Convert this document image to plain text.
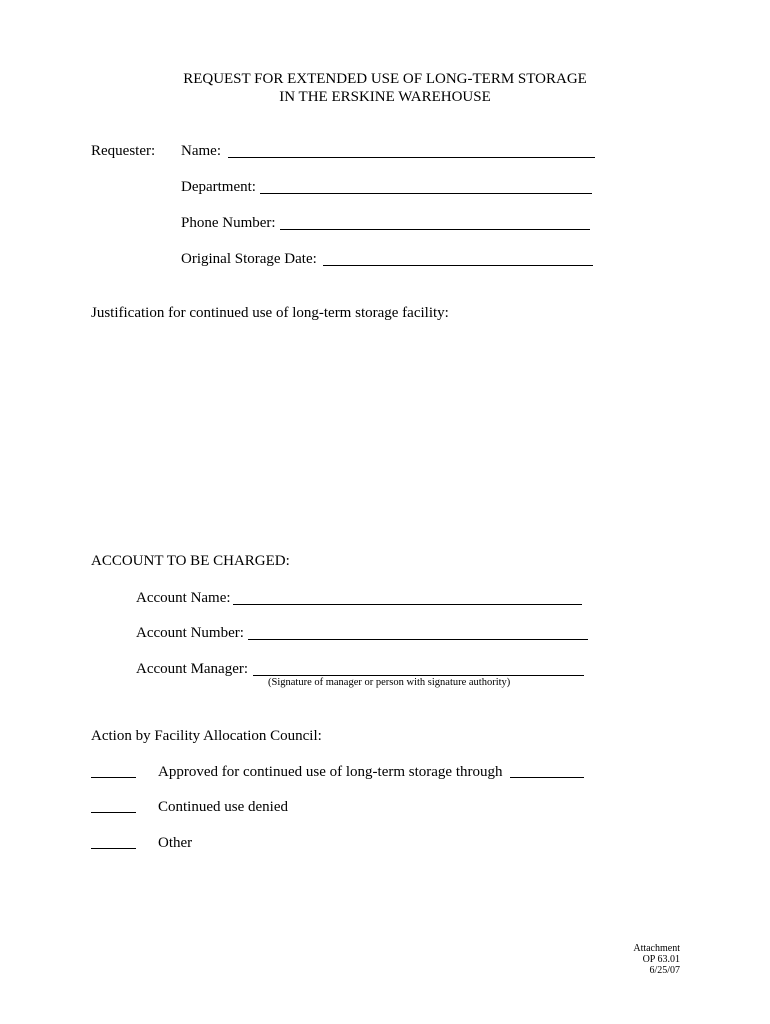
REQUEST FOR EXTENDED USE OF LONG-TERM STORAGE
IN THE ERSKINE WAREHOUSE
Requester: Name:
Department:
Phone Number:
Original Storage Date:
Justification for continued use of long-term storage facility:
ACCOUNT TO BE CHARGED:
Account Name:
Account Number:
Account Manager:
(Signature of manager or person with signature authority)
Action by Facility Allocation Council:
Approved for continued use of long-term storage through
Continued use denied
Other
Attachment
OP 63.01
6/25/07
